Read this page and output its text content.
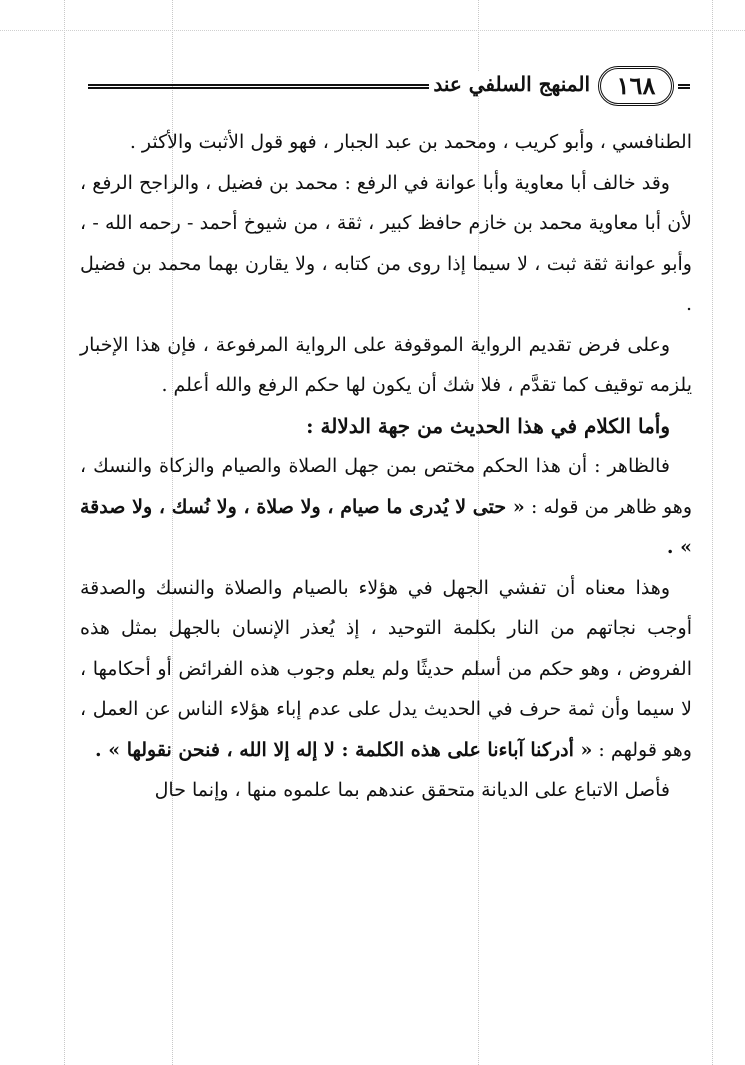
١٦٨
المنهج السلفي عند

الطنافسي ، وأبو كريب ، ومحمد بن عبد الجبار ، فهو قول الأثبت والأكثر .

وقد خالف أبا معاوية وأبا عوانة في الرفع : محمد بن فضيل ، والراجح الرفع ، لأن أبا معاوية محمد بن خازم حافظ كبير ، ثقة ، من شيوخ أحمد - رحمه الله - ، وأبو عوانة ثقة ثبت ، لا سيما إذا روى من كتابه ، ولا يقارن بهما محمد بن فضيل .

وعلى فرض تقديم الرواية الموقوفة على الرواية المرفوعة ، فإن هذا الإخبار يلزمه توقيف كما تقدَّم ، فلا شك أن يكون لها حكم الرفع والله أعلم .

وأما الكلام في هذا الحديث من جهة الدلالة :

فالظاهر : أن هذا الحكم مختص بمن جهل الصلاة والصيام والزكاة والنسك ، وهو ظاهر من قوله : « حتى لا يُدرى ما صيام ، ولا صلاة ، ولا نُسك ، ولا صدقة » .

وهذا معناه أن تفشي الجهل في هؤلاء بالصيام والصلاة والنسك والصدقة أوجب نجاتهم من النار بكلمة التوحيد ، إذ يُعذر الإنسان بالجهل بمثل هذه الفروض ، وهو حكم من أسلم حديثًا ولم يعلم وجوب هذه الفرائض أو أحكامها ، لا سيما وأن ثمة حرف في الحديث يدل على عدم إباء هؤلاء الناس عن العمل ، وهو قولهم : « أدركنا آباءنا على هذه الكلمة : لا إله إلا الله ، فنحن نقولها » .

فأصل الاتباع على الديانة متحقق عندهم بما علموه منها ، وإنما حال
